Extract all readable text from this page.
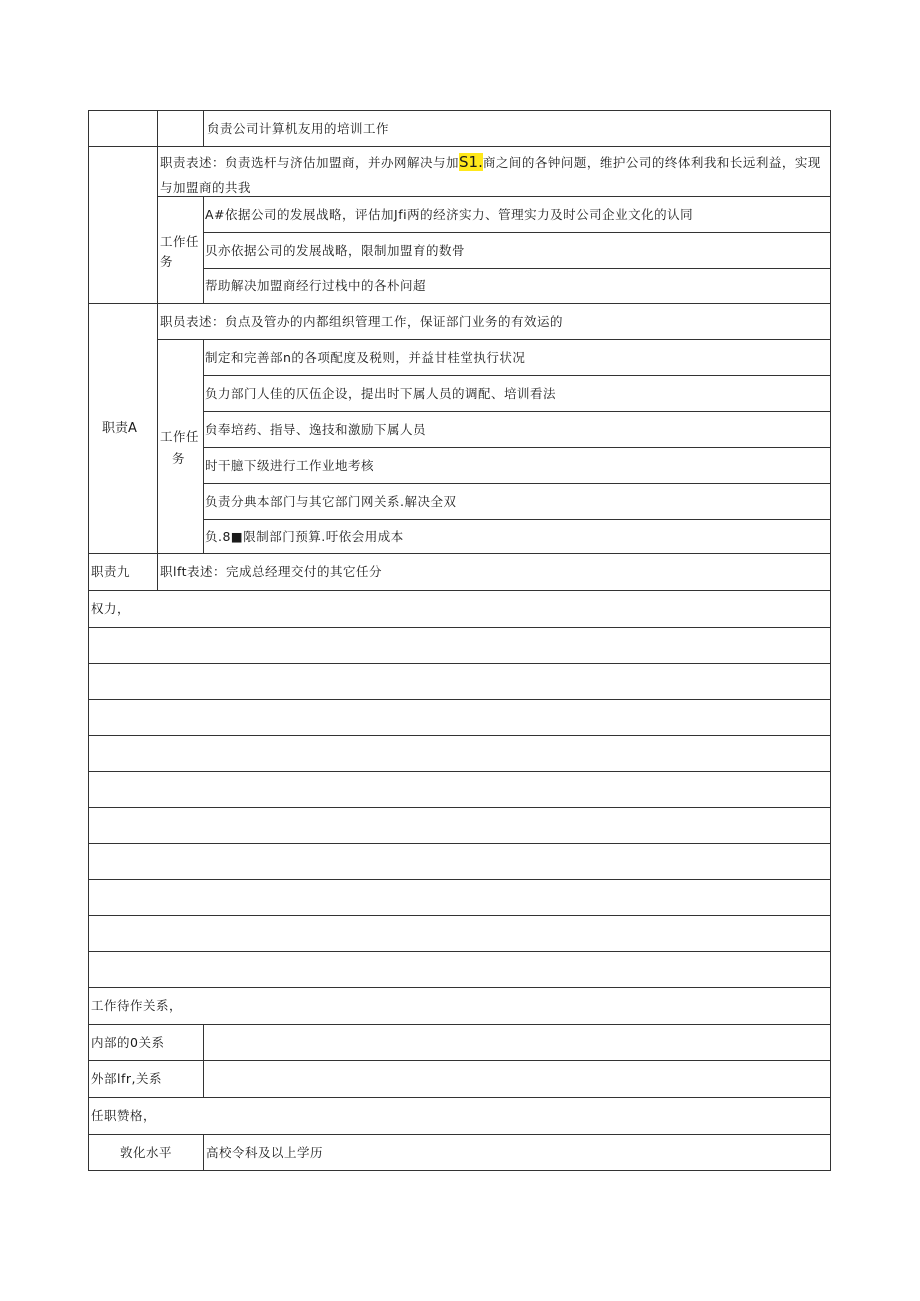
贠责公司计算机友用的培训工作
职责表述：贠责选杆与济估加盟商，并办网解决与加S1.商之间的各钟问题，维护公司的终体利我和长远利益，实现与加盟商的共我
工作任
务
A#依据公司的发展战略，评估加Jfi两的经济实力、管理实力及时公司企业文化的认同
贝亦依据公司的发展战略，限制加盟育的数骨
帮助解决加盟商经行过栈中的各朴问超
职责A
职员表述：贠点及管办的内都组织管理工作，保证部门业务的有效运的
工作任
务
制定和完善部n的各项配度及税则，并益甘桂堂执行状况
负力部门人佳的仄伍企设，提出时下属人员的调配、培训看法
贠奉培药、指导、逸技和激励下属人员
时干臆下级进行工作业地考核
负责分典本部门与其它部门网关系.解决全双
负.8■限制部门预算.吁依会用成本
职责九 职lft表述：完成总经理交付的其它任分
权力，
工作待作关系，
内部的0关系
外部lfr,关系
任职赞格，
敦化水平	高校令科及以上学历
